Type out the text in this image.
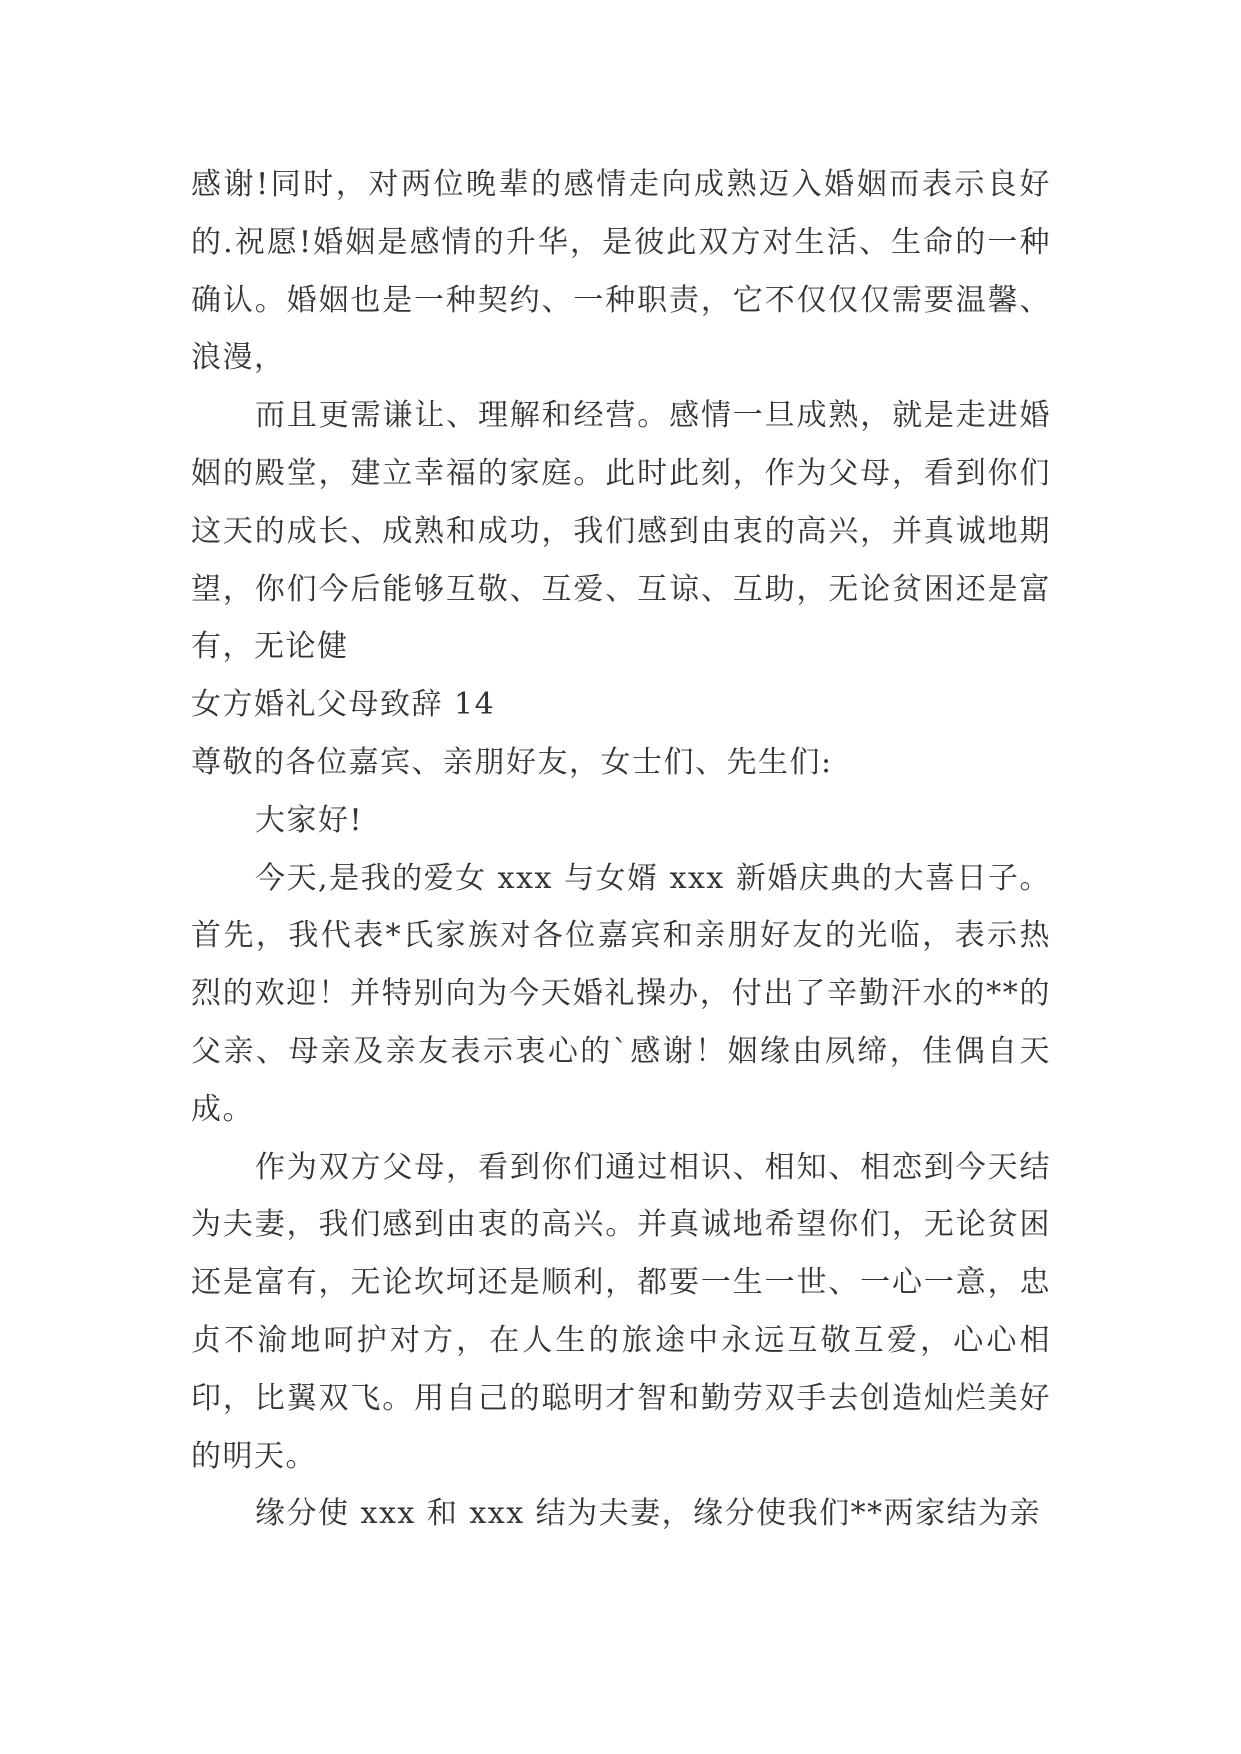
感谢!同时，对两位晚辈的感情走向成熟迈入婚姻而表示良好的.祝愿!婚姻是感情的升华，是彼此双方对生活、生命的一种确认。婚姻也是一种契约、一种职责，它不仅仅仅需要温馨、浪漫，

而且更需谦让、理解和经营。感情一旦成熟，就是走进婚姻的殿堂，建立幸福的家庭。此时此刻，作为父母，看到你们这天的成长、成熟和成功，我们感到由衷的高兴，并真诚地期望，你们今后能够互敬、互爱、互谅、互助，无论贫困还是富有，无论健

女方婚礼父母致辞 14

尊敬的各位嘉宾、亲朋好友，女士们、先生们:

大家好!

今天,是我的爱女 xxx 与女婿 xxx 新婚庆典的大喜日子。首先，我代表*氏家族对各位嘉宾和亲朋好友的光临，表示热烈的欢迎！并特别向为今天婚礼操办，付出了辛勤汗水的**的父亲、母亲及亲友表示衷心的`感谢！姻缘由夙缔，佳偶自天成。

作为双方父母，看到你们通过相识、相知、相恋到今天结为夫妻，我们感到由衷的高兴。并真诚地希望你们，无论贫困还是富有，无论坎坷还是顺利，都要一生一世、一心一意，忠贞不渝地呵护对方，在人生的旅途中永远互敬互爱，心心相印，比翼双飞。用自己的聪明才智和勤劳双手去创造灿烂美好的明天。

缘分使 xxx 和 xxx 结为夫妻，缘分使我们**两家结为亲
